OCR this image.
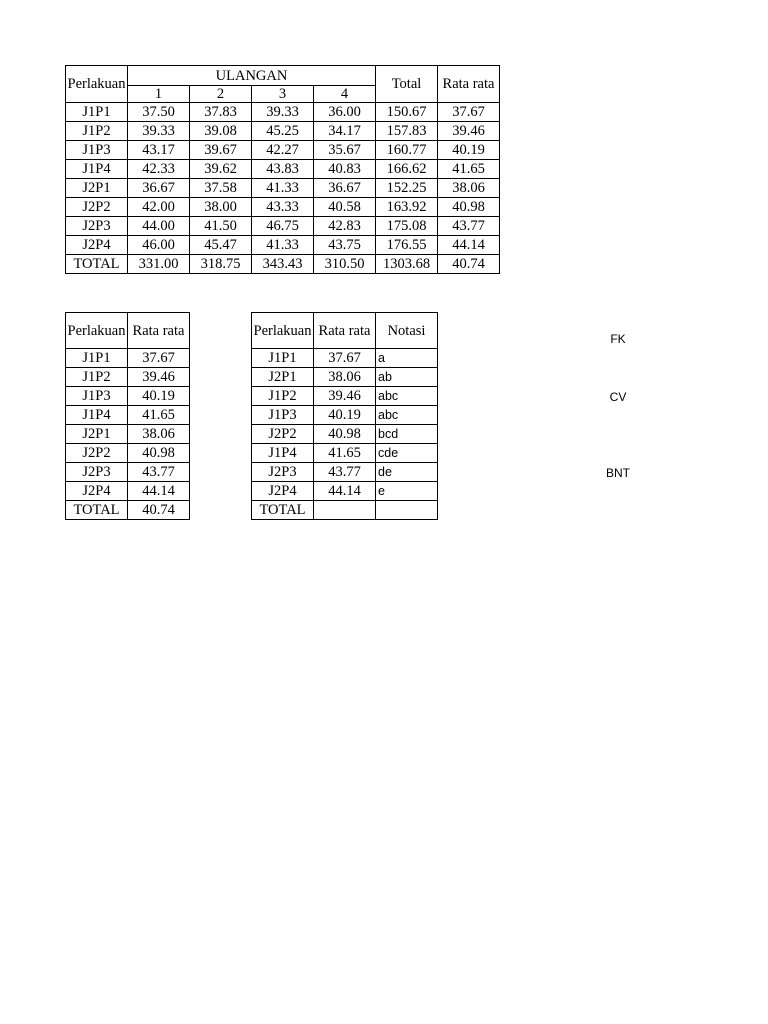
Perlakuan	ULANGAN				Total	Rata rata
	1	2	3	4		
J1P1	37.50	37.83	39.33	36.00	150.67	37.67
J1P2	39.33	39.08	45.25	34.17	157.83	39.46
J1P3	43.17	39.67	42.27	35.67	160.77	40.19
J1P4	42.33	39.62	43.83	40.83	166.62	41.65
J2P1	36.67	37.58	41.33	36.67	152.25	38.06
J2P2	42.00	38.00	43.33	40.58	163.92	40.98
J2P3	44.00	41.50	46.75	42.83	175.08	43.77
J2P4	46.00	45.47	41.33	43.75	176.55	44.14
TOTAL	331.00	318.75	343.43	310.50	1303.68	40.74
Perlakuan	Rata rata
J1P1	37.67
J1P2	39.46
J1P3	40.19
J1P4	41.65
J2P1	38.06
J2P2	40.98
J2P3	43.77
J2P4	44.14
TOTAL	40.74
Perlakuan	Rata rata	Notasi
J1P1	37.67	a
J2P1	38.06	ab
J1P2	39.46	abc
J1P3	40.19	abc
J2P2	40.98	bcd
J1P4	41.65	cde
J2P3	43.77	de
J2P4	44.14	e
TOTAL		
FK
CV
BNT
